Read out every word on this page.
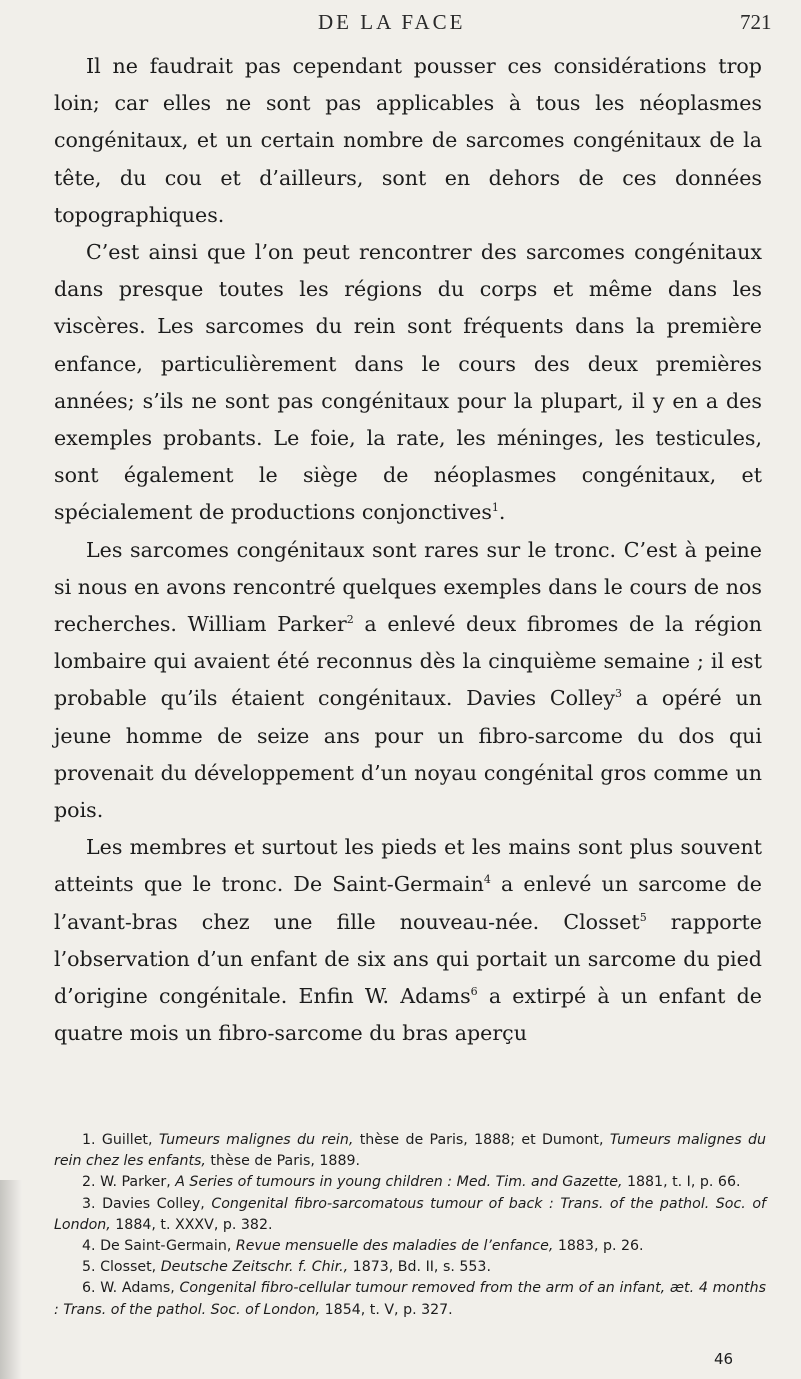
DE LA FACE	721

Il ne faudrait pas cependant pousser ces considérations trop loin; car elles ne sont pas applicables à tous les néoplasmes congénitaux, et un certain nombre de sarcomes congénitaux de la tête, du cou et d’ailleurs, sont en dehors de ces données topographiques.

C’est ainsi que l’on peut rencontrer des sarcomes congénitaux dans presque toutes les régions du corps et même dans les viscères. Les sarcomes du rein sont fréquents dans la première enfance, particulièrement dans le cours des deux premières années; s’ils ne sont pas congénitaux pour la plupart, il y en a des exemples probants. Le foie, la rate, les méninges, les testicules, sont également le siège de néoplasmes congénitaux, et spécialement de productions conjonctives$^1$.

Les sarcomes congénitaux sont rares sur le tronc. C’est à peine si nous en avons rencontré quelques exemples dans le cours de nos recherches. William Parker$^2$ a enlevé deux fibromes de la région lombaire qui avaient été reconnus dès la cinquième semaine ; il est probable qu’ils étaient congénitaux. Davies Colley$^3$ a opéré un jeune homme de seize ans pour un fibro-sarcome du dos qui provenait du développement d’un noyau congénital gros comme un pois.

Les membres et surtout les pieds et les mains sont plus souvent atteints que le tronc. De Saint-Germain$^4$ a enlevé un sarcome de l’avant-bras chez une fille nouveau-née. Closset$^5$ rapporte l’observation d’un enfant de six ans qui portait un sarcome du pied d’origine congénitale. Enfin W. Adams$^6$ a extirpé à un enfant de quatre mois un fibro-sarcome du bras aperçu

1. Guillet, Tumeurs malignes du rein, thèse de Paris, 1888; et Dumont, Tumeurs malignes du rein chez les enfants, thèse de Paris, 1889.

2. W. Parker, A Series of tumours in young children : Med. Tim. and Gazette, 1881, t. I, p. 66.

3. Davies Colley, Congenital fibro-sarcomatous tumour of back : Trans. of the pathol. Soc. of London, 1884, t. XXXV, p. 382.

4. De Saint-Germain, Revue mensuelle des maladies de l’enfance, 1883, p. 26.

5. Closset, Deutsche Zeitschr. f. Chir., 1873, Bd. II, s. 553.

6. W. Adams, Congenital fibro-cellular tumour removed from the arm of an infant, æt. 4 months : Trans. of the pathol. Soc. of London, 1854, t. V, p. 327.

46
